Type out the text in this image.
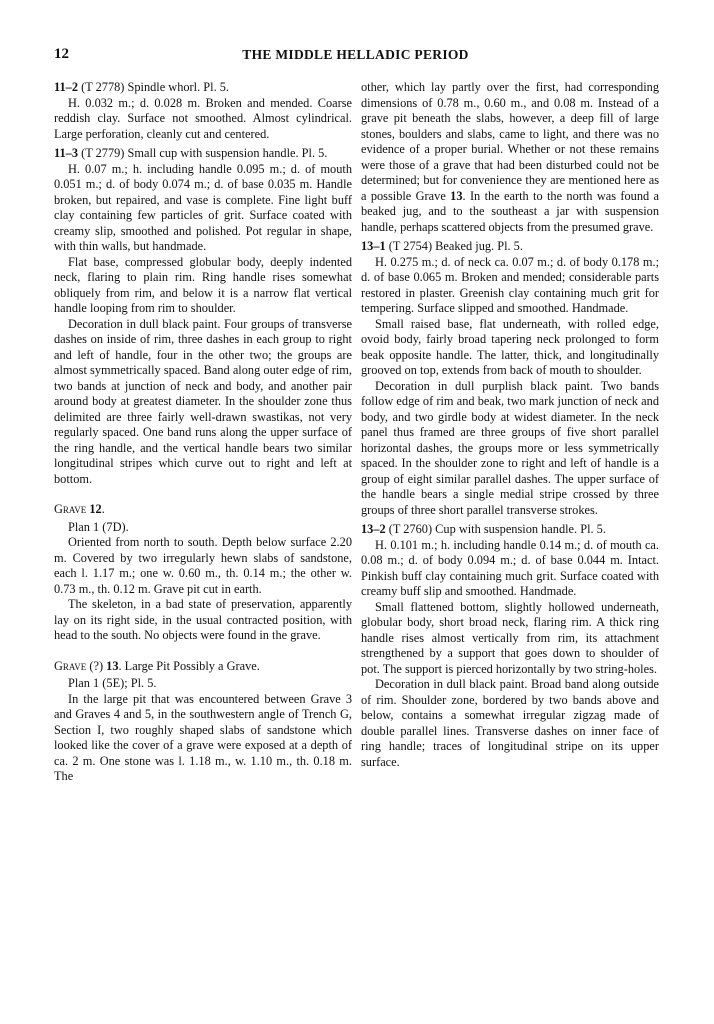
12	THE MIDDLE HELLADIC PERIOD

11–2 (T 2778) Spindle whorl. Pl. 5.

H. 0.032 m.; d. 0.028 m. Broken and mended. Coarse reddish clay. Surface not smoothed. Almost cylindrical. Large perforation, cleanly cut and centered.

11–3 (T 2779) Small cup with suspension handle. Pl. 5.

H. 0.07 m.; h. including handle 0.095 m.; d. of mouth 0.051 m.; d. of body 0.074 m.; d. of base 0.035 m. Handle broken, but repaired, and vase is complete. Fine light buff clay containing few particles of grit. Surface coated with creamy slip, smoothed and polished. Pot regular in shape, with thin walls, but handmade.

Flat base, compressed globular body, deeply indented neck, flaring to plain rim. Ring handle rises somewhat obliquely from rim, and below it is a narrow flat vertical handle looping from rim to shoulder.

Decoration in dull black paint. Four groups of transverse dashes on inside of rim, three dashes in each group to right and left of handle, four in the other two; the groups are almost symmetrically spaced. Band along outer edge of rim, two bands at junction of neck and body, and another pair around body at greatest diameter. In the shoulder zone thus delimited are three fairly well-drawn swastikas, not very regularly spaced. One band runs along the upper surface of the ring handle, and the vertical handle bears two similar longitudinal stripes which curve out to right and left at bottom.

Grave 12.

Plan 1 (7D).

Oriented from north to south. Depth below surface 2.20 m. Covered by two irregularly hewn slabs of sandstone, each l. 1.17 m.; one w. 0.60 m., th. 0.14 m.; the other w. 0.73 m., th. 0.12 m. Grave pit cut in earth.

The skeleton, in a bad state of preservation, apparently lay on its right side, in the usual contracted position, with head to the south. No objects were found in the grave.

Grave (?) 13. Large Pit Possibly a Grave.

Plan 1 (5E); Pl. 5.

In the large pit that was encountered between Grave 3 and Graves 4 and 5, in the southwestern angle of Trench G, Section I, two roughly shaped slabs of sandstone which looked like the cover of a grave were exposed at a depth of ca. 2 m. One stone was l. 1.18 m., w. 1.10 m., th. 0.18 m. The

other, which lay partly over the first, had corresponding dimensions of 0.78 m., 0.60 m., and 0.08 m. Instead of a grave pit beneath the slabs, however, a deep fill of large stones, boulders and slabs, came to light, and there was no evidence of a proper burial. Whether or not these remains were those of a grave that had been disturbed could not be determined; but for convenience they are mentioned here as a possible Grave 13. In the earth to the north was found a beaked jug, and to the southeast a jar with suspension handle, perhaps scattered objects from the presumed grave.

13–1 (T 2754) Beaked jug. Pl. 5.

H. 0.275 m.; d. of neck ca. 0.07 m.; d. of body 0.178 m.; d. of base 0.065 m. Broken and mended; considerable parts restored in plaster. Greenish clay containing much grit for tempering. Surface slipped and smoothed. Handmade.

Small raised base, flat underneath, with rolled edge, ovoid body, fairly broad tapering neck prolonged to form beak opposite handle. The latter, thick, and longitudinally grooved on top, extends from back of mouth to shoulder.

Decoration in dull purplish black paint. Two bands follow edge of rim and beak, two mark junction of neck and body, and two girdle body at widest diameter. In the neck panel thus framed are three groups of five short parallel horizontal dashes, the groups more or less symmetrically spaced. In the shoulder zone to right and left of handle is a group of eight similar parallel dashes. The upper surface of the handle bears a single medial stripe crossed by three groups of three short parallel transverse strokes.

13–2 (T 2760) Cup with suspension handle. Pl. 5.

H. 0.101 m.; h. including handle 0.14 m.; d. of mouth ca. 0.08 m.; d. of body 0.094 m.; d. of base 0.044 m. Intact. Pinkish buff clay containing much grit. Surface coated with creamy buff slip and smoothed. Handmade.

Small flattened bottom, slightly hollowed underneath, globular body, short broad neck, flaring rim. A thick ring handle rises almost vertically from rim, its attachment strengthened by a support that goes down to shoulder of pot. The support is pierced horizontally by two string-holes.

Decoration in dull black paint. Broad band along outside of rim. Shoulder zone, bordered by two bands above and below, contains a somewhat irregular zigzag made of double parallel lines. Transverse dashes on inner face of ring handle; traces of longitudinal stripe on its upper surface.
